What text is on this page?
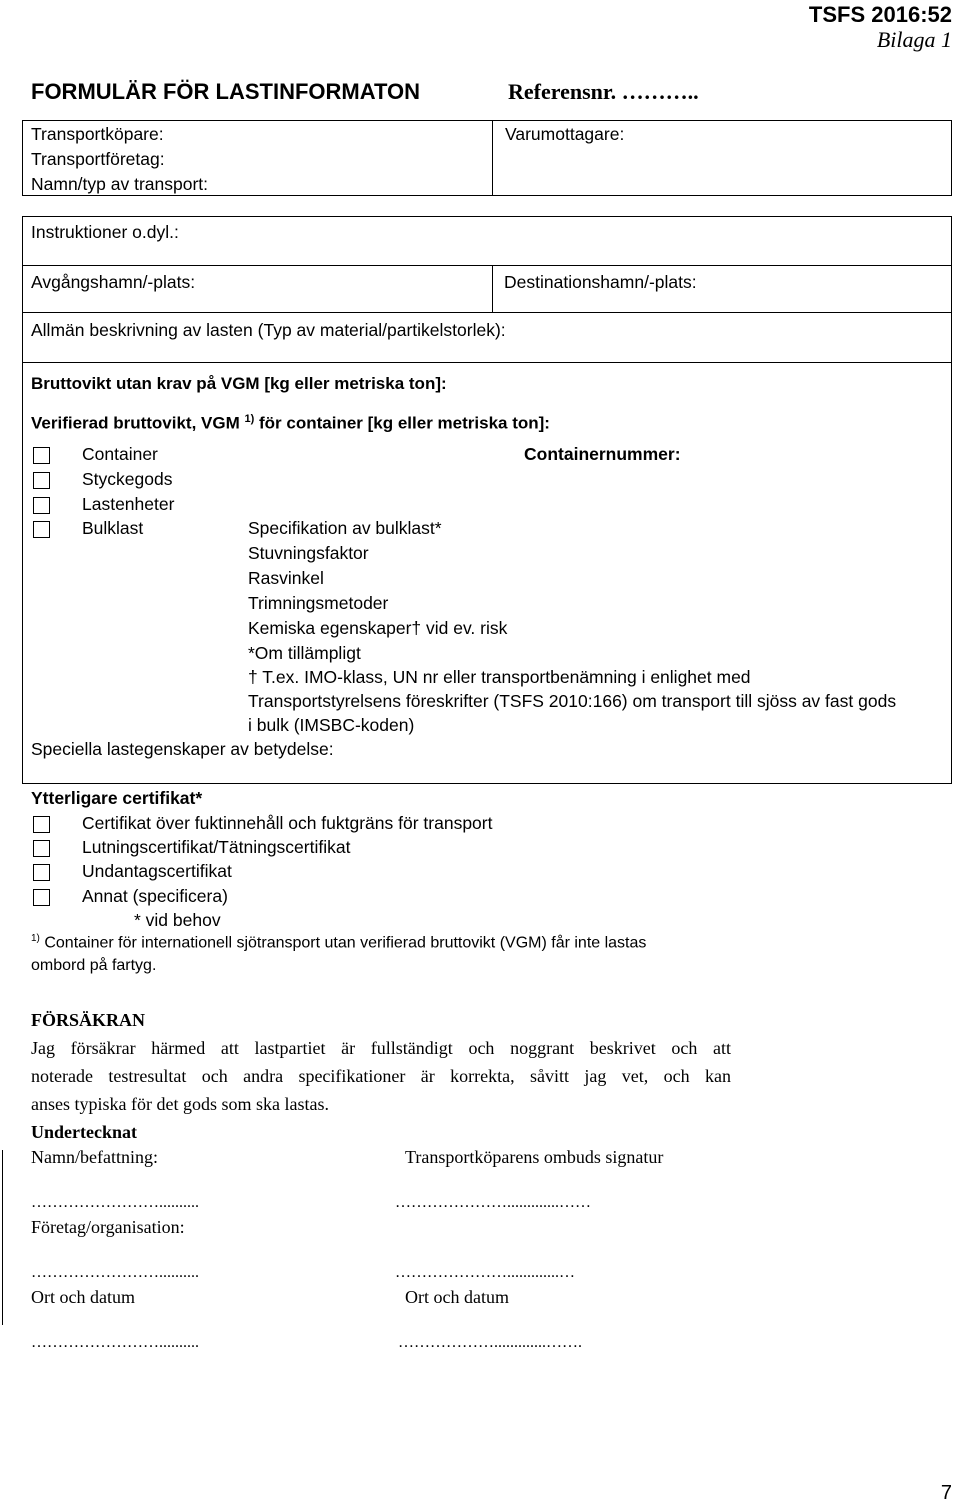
TSFS 2016:52
Bilaga 1
FORMULÄR FÖR LASTINFORMATON	Referensnr. ………..
Transportköpare:
Transportföretag:
Namn/typ av transport:
Varumottagare:
Instruktioner o.dyl.:
Avgångshamn/-plats:	Destinationshamn/-plats:
Allmän beskrivning av lasten (Typ av material/partikelstorlek):
Bruttovikt utan krav på VGM [kg eller metriska ton]:
Verifierad bruttovikt, VGM $^{1)}$ för container [kg eller metriska ton]:
Container	Containernummer:
Styckegods
Lastenheter
Bulklast	Specifikation av bulklast*
Stuvningsfaktor
Rasvinkel
Trimningsmetoder
Kemiska egenskaper† vid ev. risk
*Om tillämpligt
† T.ex. IMO-klass, UN nr eller transportbenämning i enlighet med
Transportstyrelsens föreskrifter (TSFS 2010:166) om transport till sjöss av fast gods
i bulk (IMSBC-koden)
Speciella lastegenskaper av betydelse:
Ytterligare certifikat*
Certifikat över fuktinnehåll och fuktgräns för transport
Lutningscertifikat/Tätningscertifikat
Undantagscertifikat
Annat (specificera)
* vid behov
$^{1)}$ Container för internationell sjötransport utan verifierad bruttovikt (VGM) får inte lastas
ombord på fartyg.
FÖRSÄKRAN
Jag försäkrar härmed att lastpartiet är fullständigt och noggrant beskrivet och att
noterade testresultat och andra specifikationer är korrekta, såvitt jag vet, och kan
anses typiska för det gods som ska lastas.
Undertecknat
Namn/befattning:	Transportköparens ombuds signatur
……………………..........	………………….............……
Företag/organisation:
……………………..........	………………….............…
Ort och datum	Ort och datum
……………………..........	……………….............…….
7
